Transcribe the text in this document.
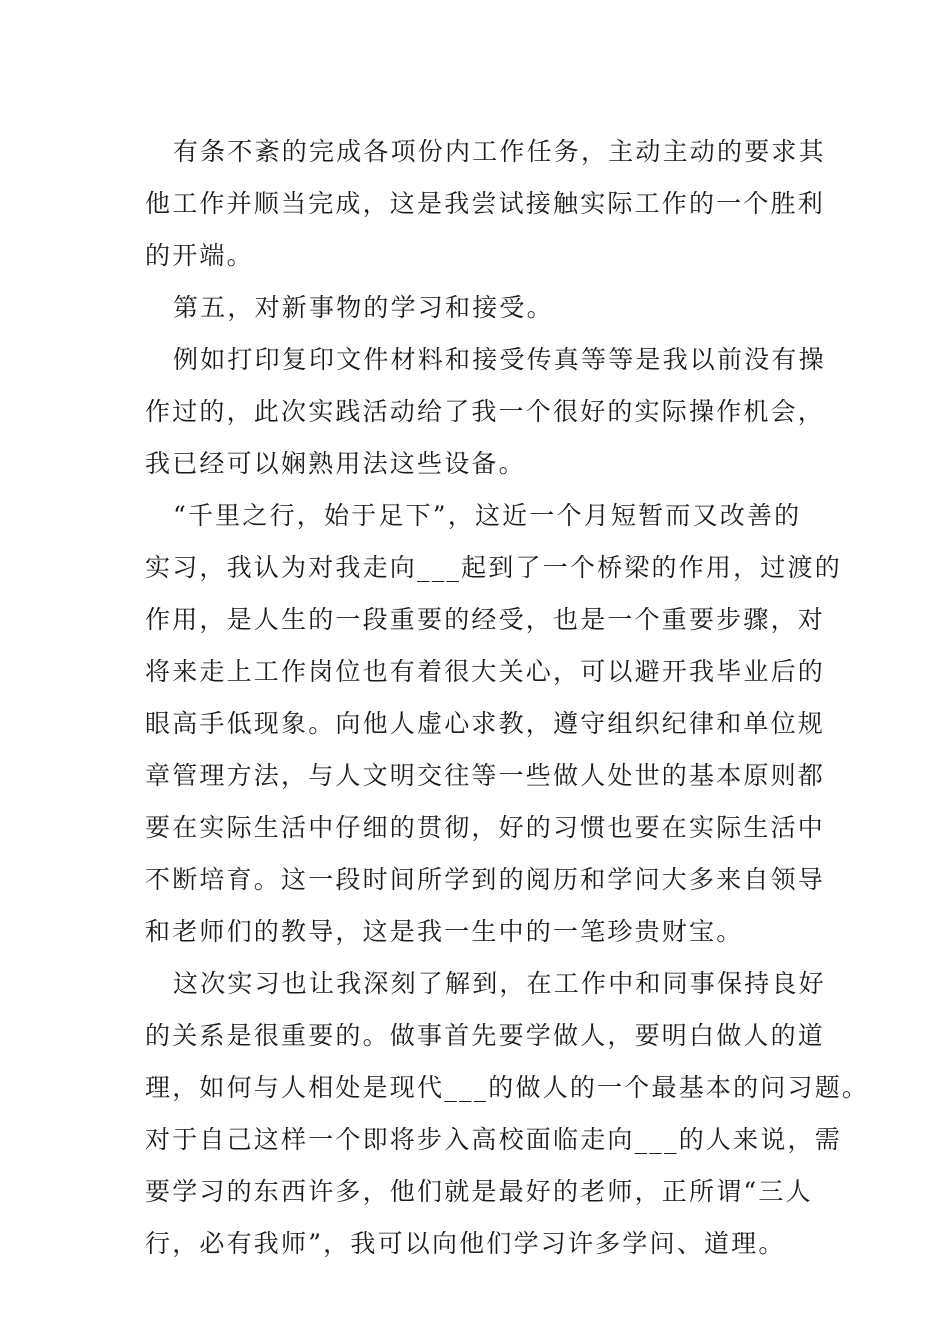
有条不紊的完成各项份内工作任务，主动主动的要求其
他工作并顺当完成，这是我尝试接触实际工作的一个胜利
的开端。
第五，对新事物的学习和接受。
例如打印复印文件材料和接受传真等等是我以前没有操
作过的，此次实践活动给了我一个很好的实际操作机会，
我已经可以娴熟用法这些设备。
“千里之行，始于足下”，这近一个月短暂而又改善的
实习，我认为对我走向___起到了一个桥梁的作用，过渡的
作用，是人生的一段重要的经受，也是一个重要步骤，对
将来走上工作岗位也有着很大关心，可以避开我毕业后的
眼高手低现象。向他人虚心求教，遵守组织纪律和单位规
章管理方法，与人文明交往等一些做人处世的基本原则都
要在实际生活中仔细的贯彻，好的习惯也要在实际生活中
不断培育。这一段时间所学到的阅历和学问大多来自领导
和老师们的教导，这是我一生中的一笔珍贵财宝。
这次实习也让我深刻了解到，在工作中和同事保持良好
的关系是很重要的。做事首先要学做人，要明白做人的道
理，如何与人相处是现代___的做人的一个最基本的问习题。
对于自己这样一个即将步入高校面临走向___的人来说，需
要学习的东西许多，他们就是最好的老师，正所谓“三人
行，必有我师”，我可以向他们学习许多学问、道理。
